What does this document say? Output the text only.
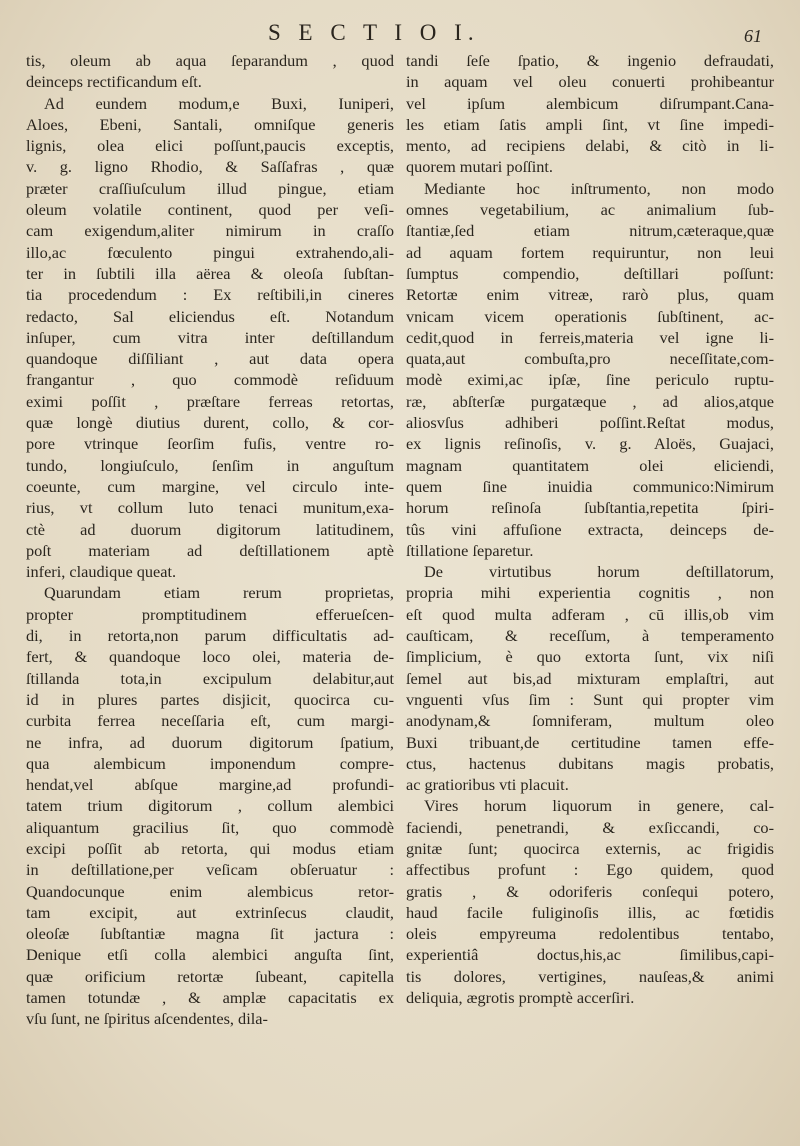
S E C T I O I.	61
tis, oleum ab aqua ſeparandum , quod
deinceps rectificandum eſt.
Ad eundem modum,e Buxi, Iuniperi,
Aloes, Ebeni, Santali, omniſque generis
lignis, olea elici poſſunt,paucis exceptis,
v. g. ligno Rhodio, & Saſſafras , quæ
præter craſſiuſculum illud pingue, etiam
oleum volatile continent, quod per veſi-
cam exigendum,aliter nimirum in craſſo
illo,ac fœculento pingui extrahendo,ali-
ter in ſubtili illa aërea & oleoſa ſubſtan-
tia procedendum : Ex reſtibili,in cineres
redacto, Sal eliciendus eſt. Notandum
inſuper, cum vitra inter deſtillandum
quandoque diſſiliant , aut data opera
frangantur , quo commodè reſiduum
eximi poſſit , præſtare ferreas retortas,
quæ longè diutius durent, collo, & cor-
pore vtrinque ſeorſim fuſis, ventre ro-
tundo, longiuſculo, ſenſim in anguſtum
coeunte, cum margine, vel circulo inte-
rius, vt collum luto tenaci munitum,exa-
ctè ad duorum digitorum latitudinem,
poſt materiam ad deſtillationem aptè
inferi, claudique queat.
Quarundam etiam rerum proprietas,
propter promptitudinem efferueſcen-
di, in retorta,non parum difficultatis ad-
fert, & quandoque loco olei, materia de-
ſtillanda tota,in excipulum delabitur,aut
id in plures partes disjicit, quocirca cu-
curbita ferrea neceſſaria eſt, cum margi-
ne infra, ad duorum digitorum ſpatium,
qua alembicum imponendum compre-
hendat,vel abſque margine,ad profundi-
tatem trium digitorum , collum alembici
aliquantum gracilius ſit, quo commodè
excipi poſſit ab retorta, qui modus etiam
in deſtillatione,per veſicam obſeruatur :
Quandocunque enim alembicus retor-
tam excipit, aut extrinſecus claudit,
oleoſæ ſubſtantiæ magna ſit jactura :
Denique etſi colla alembici anguſta ſint,
quæ orificium retortæ ſubeant, capitella
tamen totundæ , & amplæ capacitatis ex
vſu ſunt, ne ſpiritus aſcendentes, dila-
tandi ſeſe ſpatio, & ingenio defraudati,
in aquam vel oleu conuerti prohibeantur
vel ipſum alembicum diſrumpant.Cana-
les etiam ſatis ampli ſint, vt ſine impedi-
mento, ad recipiens delabi, & citò in li-
quorem mutari poſſint.
Mediante hoc inſtrumento, non modo
omnes vegetabilium, ac animalium ſub-
ſtantiæ,ſed etiam nitrum,cæteraque,quæ
ad aquam fortem requiruntur, non leui
ſumptus compendio, deſtillari poſſunt:
Retortæ enim vitreæ, rarò plus, quam
vnicam vicem operationis ſubſtinent, ac-
cedit,quod in ferreis,materia vel igne li-
quata,aut combuſta,pro neceſſitate,com-
modè eximi,ac ipſæ, ſine periculo ruptu-
ræ, abſterſæ purgatæque , ad alios,atque
aliosvſus adhiberi poſſint.Reſtat modus,
ex lignis reſinoſis, v. g. Aloës, Guajaci,
magnam quantitatem olei eliciendi,
quem ſine inuidia communico:Nimirum
horum reſinoſa ſubſtantia,repetita ſpiri-
tûs vini affuſione extracta, deinceps de-
ſtillatione ſeparetur.
De virtutibus horum deſtillatorum,
propria mihi experientia cognitis , non
eſt quod multa adferam , cū illis,ob vim
cauſticam, & receſſum, à temperamento
ſimplicium, è quo extorta ſunt, vix niſi
ſemel aut bis,ad mixturam emplaſtri, aut
vnguenti vſus ſim : Sunt qui propter vim
anodynam,& ſomniferam, multum oleo
Buxi tribuant,de certitudine tamen effe-
ctus, hactenus dubitans magis probatis,
ac gratioribus vti placuit.
Vires horum liquorum in genere, cal-
faciendi, penetrandi, & exſiccandi, co-
gnitæ ſunt; quocirca externis, ac frigidis
affectibus profunt : Ego quidem, quod
gratis , & odoriferis conſequi potero,
haud facile fuliginoſis illis, ac fœtidis
oleis empyreuma redolentibus tentabo,
experientiâ doctus,his,ac ſimilibus,capi-
tis dolores, vertigines, nauſeas,& animi
deliquia, ægrotis promptè accerſiri.
